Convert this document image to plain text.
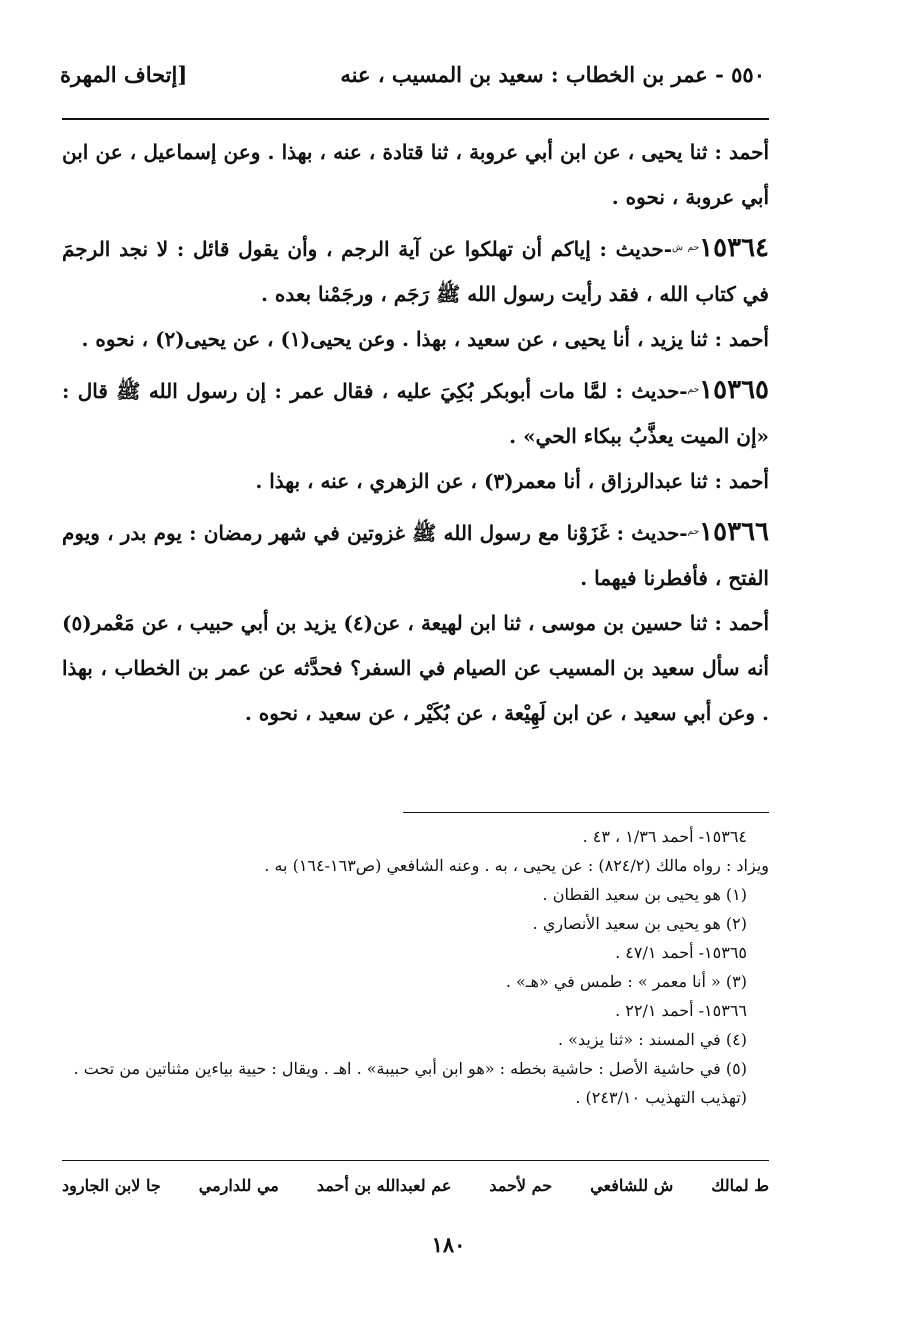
٥٥٠ - عمر بن الخطاب : سعيد بن المسيب ، عنه
[إتحاف المهرة

أحمد : ثنا يحيى ، عن ابن أبي عروبة ، ثنا قتادة ، عنه ، بهذا . وعن إسماعيل ، عن ابن أبي عروبة ، نحوه .

$١٥٣٦٤^{حم ش}$-حديث : إياكم أن تهلكوا عن آية الرجم ، وأن يقول قائل : لا نجد الرجمَ في كتاب الله ، فقد رأيت رسول الله ﷺ رَجَم ، ورجَمْنا بعده .

أحمد : ثنا يزيد ، أنا يحيى ، عن سعيد ، بهذا . وعن يحيى(١) ، عن يحيى(٢) ، نحوه .

$١٥٣٦٥^{حم}$-حديث : لمَّا مات أبوبكر بُكِيَ عليه ، فقال عمر : إن رسول الله ﷺ قال : «إن الميت يعذَّبُ ببكاء الحي» .

أحمد : ثنا عبدالرزاق ، أنا معمر(٣) ، عن الزهري ، عنه ، بهذا .

$١٥٣٦٦^{حم}$-حديث : غَزَوْنا مع رسول الله ﷺ غزوتين في شهر رمضان : يوم بدر ، ويوم الفتح ، فأفطرنا فيهما .

أحمد : ثنا حسين بن موسى ، ثنا ابن لهيعة ، عن(٤) يزيد بن أبي حبيب ، عن مَعْمر(٥) أنه سأل سعيد بن المسيب عن الصيام في السفر؟ فحدَّثه عن عمر بن الخطاب ، بهذا . وعن أبي سعيد ، عن ابن لَهِيْعة ، عن بُكَيْر ، عن سعيد ، نحوه .

١٥٣٦٤- أحمد ١/٣٦ ، ٤٣ .

ويزاد : رواه مالك (٨٢٤/٢) : عن يحيى ، به . وعنه الشافعي (ص١٦٣-١٦٤) به .

(١) هو يحيى بن سعيد القطان .

(٢) هو يحيى بن سعيد الأنصاري .

١٥٣٦٥- أحمد ٤٧/١ .

(٣) « أنا معمر » : طمس في «هـ» .

١٥٣٦٦- أحمد ٢٢/١ .

(٤) في المسند : «ثنا يزيد» .

(٥) في حاشية الأصل : حاشية بخطه : «هو ابن أبي حبيبة» . اهـ . ويقال : حيية بياءين مثناتين من تحت . (تهذيب التهذيب ٢٤٣/١٠) .

ط لمالك
ش للشافعي
حم لأحمد
عم لعبدالله بن أحمد
مي للدارمي
جا لابن الجارود
١٨٠
